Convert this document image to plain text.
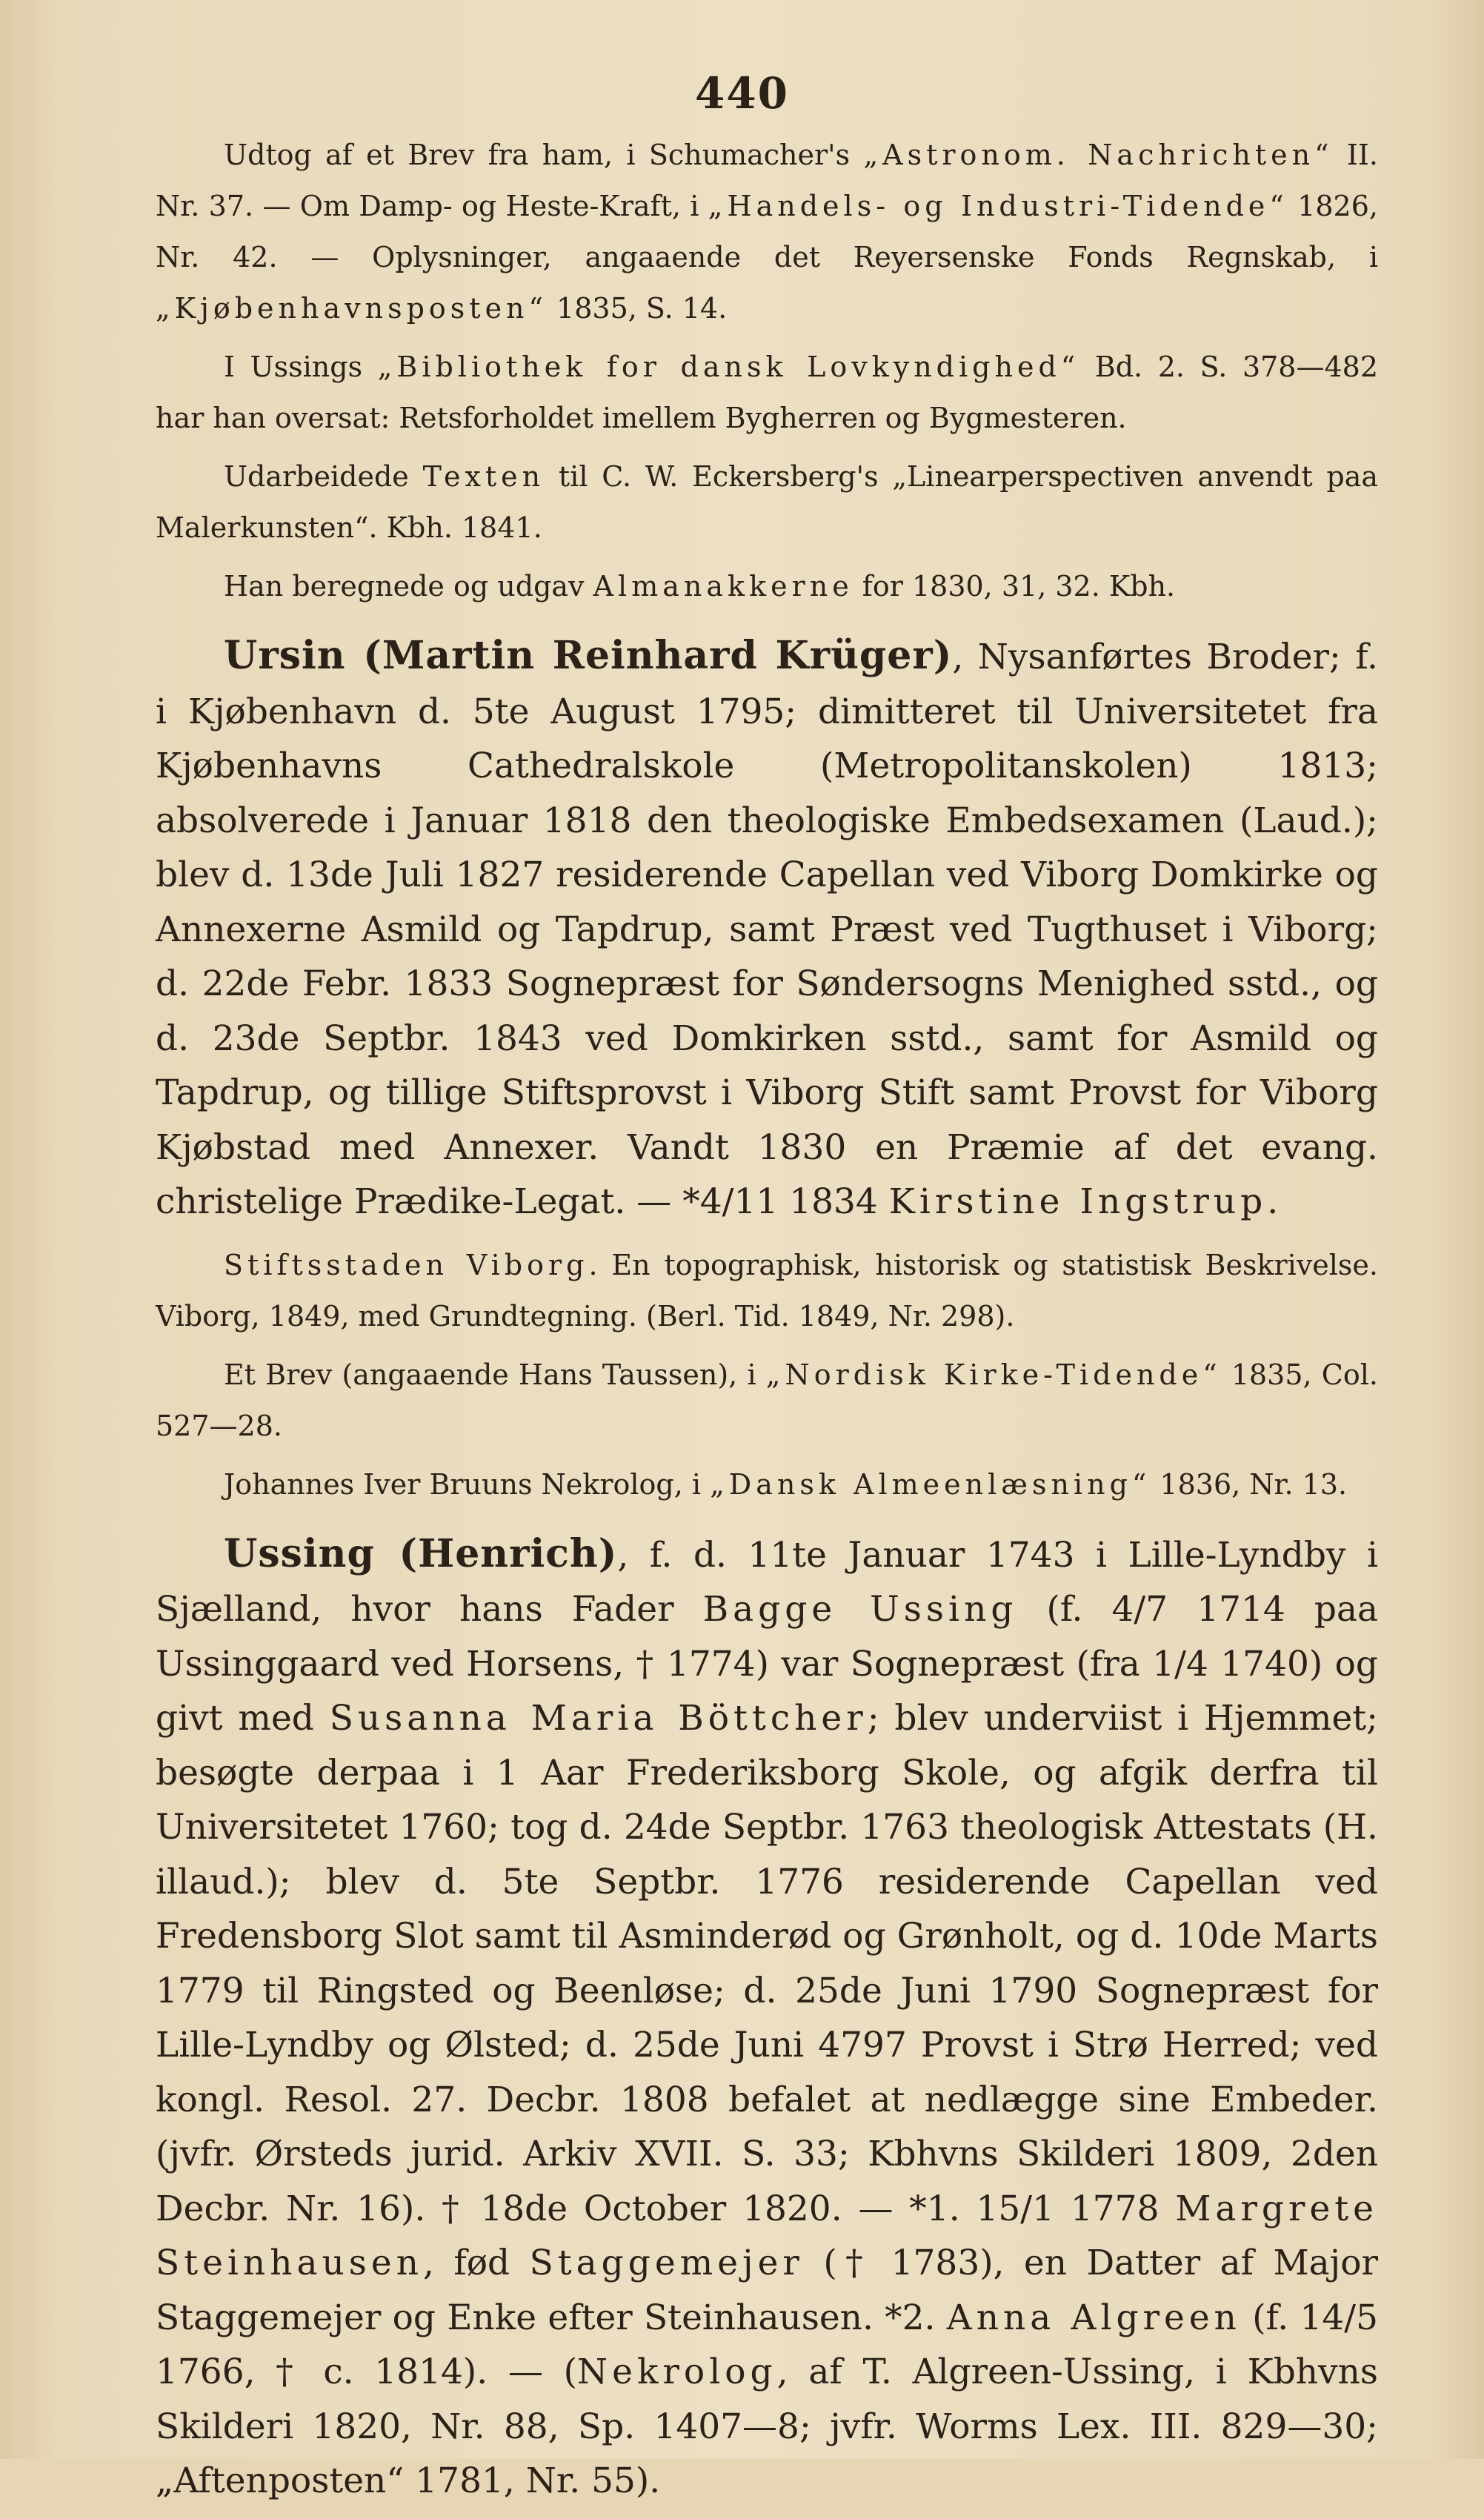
440

Udtog af et Brev fra ham, i Schumacher's „Astronom. Nachrichten“ II. Nr. 37. — Om Damp- og Heste-Kraft, i „Handels- og Industri-Tidende“ 1826, Nr. 42. — Oplysninger, angaaende det Reyersenske Fonds Regnskab, i „Kjøbenhavnsposten“ 1835, S. 14.

I Ussings „Bibliothek for dansk Lovkyndighed“ Bd. 2. S. 378—482 har han oversat: Retsforholdet imellem Bygherren og Bygmesteren.

Udarbeidede Texten til C. W. Eckersberg's „Linearperspectiven anvendt paa Malerkunsten“. Kbh. 1841.

Han beregnede og udgav Almanakkerne for 1830, 31, 32. Kbh.

Ursin (Martin Reinhard Krüger), Nysanførtes Broder; f. i Kjøbenhavn d. 5te August 1795; dimitteret til Universitetet fra Kjøbenhavns Cathedralskole (Metropolitanskolen) 1813; absolverede i Januar 1818 den theologiske Embedsexamen (Laud.); blev d. 13de Juli 1827 residerende Capellan ved Viborg Domkirke og Annexerne Asmild og Tapdrup, samt Præst ved Tugthuset i Viborg; d. 22de Febr. 1833 Sognepræst for Søndersogns Menighed sstd., og d. 23de Septbr. 1843 ved Domkirken sstd., samt for Asmild og Tapdrup, og tillige Stiftsprovst i Viborg Stift samt Provst for Viborg Kjøbstad med Annexer. Vandt 1830 en Præmie af det evang. christelige Prædike-Legat. — *4/11 1834 Kirstine Ingstrup.

Stiftsstaden Viborg. En topographisk, historisk og statistisk Beskrivelse. Viborg, 1849, med Grundtegning. (Berl. Tid. 1849, Nr. 298).

Et Brev (angaaende Hans Taussen), i „Nordisk Kirke-Tidende“ 1835, Col. 527—28.

Johannes Iver Bruuns Nekrolog, i „Dansk Almeenlæsning“ 1836, Nr. 13.

Ussing (Henrich), f. d. 11te Januar 1743 i Lille-Lyndby i Sjælland, hvor hans Fader Bagge Ussing (f. 4/7 1714 paa Ussinggaard ved Horsens, † 1774) var Sognepræst (fra 1/4 1740) og givt med Susanna Maria Böttcher; blev underviist i Hjemmet; besøgte derpaa i 1 Aar Frederiksborg Skole, og afgik derfra til Universitetet 1760; tog d. 24de Septbr. 1763 theologisk Attestats (H. illaud.); blev d. 5te Septbr. 1776 residerende Capellan ved Fredensborg Slot samt til Asminderød og Grønholt, og d. 10de Marts 1779 til Ringsted og Beenløse; d. 25de Juni 1790 Sognepræst for Lille-Lyndby og Ølsted; d. 25de Juni 4797 Provst i Strø Herred; ved kongl. Resol. 27. Decbr. 1808 befalet at nedlægge sine Embeder. (jvfr. Ørsteds jurid. Arkiv XVII. S. 33; Kbhvns Skilderi 1809, 2den Decbr. Nr. 16). † 18de October 1820. — *1. 15/1 1778 Margrete Steinhausen, fød Staggemejer († 1783), en Datter af Major Staggemejer og Enke efter Steinhausen. *2. Anna Algreen (f. 14/5 1766, † c. 1814). — (Nekrolog, af T. Algreen-Ussing, i Kbhvns Skilderi 1820, Nr. 88, Sp. 1407—8; jvfr. Worms Lex. III. 829—30; „Aftenposten“ 1781, Nr. 55).
